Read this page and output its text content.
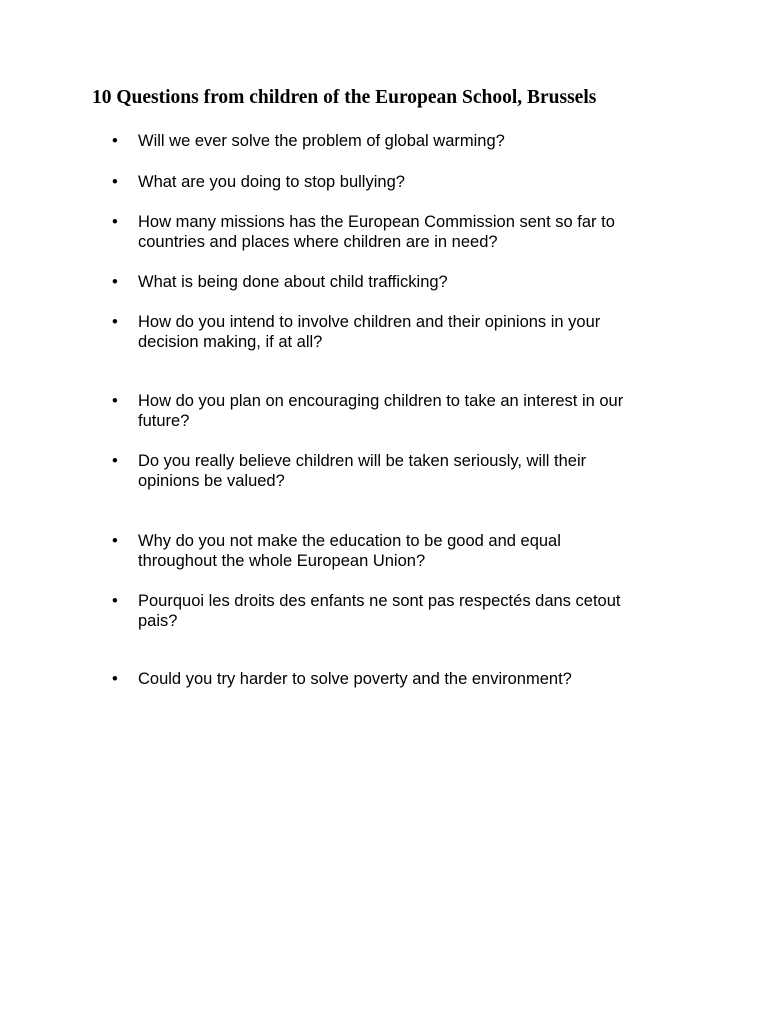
10 Questions from children of the European School, Brussels
•	Will we ever solve the problem of global warming?
•	What are you doing to stop bullying?
•	How many missions has the European Commission sent so far to
countries and places where children are in need?
•	What is being done about child trafficking?
•	How do you intend to involve children and their opinions in your
decision making, if at all?
•	How do you plan on encouraging children to take an interest in our
future?
•	Do you really believe children will be taken seriously, will their
opinions be valued?
•	Why do you not make the education to be good and equal
throughout the whole European Union?
•	Pourquoi les droits des enfants ne sont pas respectés dans cetout
pais?
•	Could you try harder to solve poverty and the environment?
